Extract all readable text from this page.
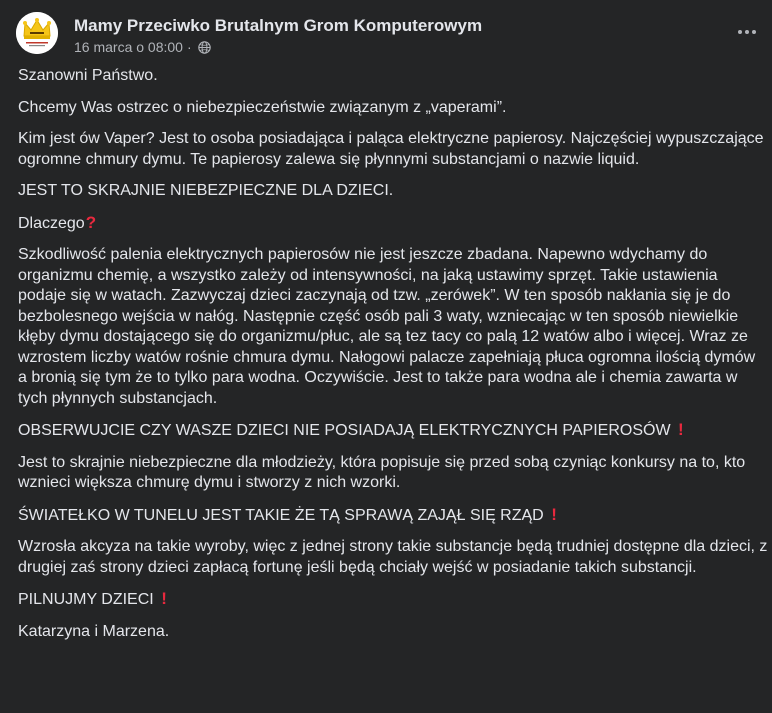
Mamy Przeciwko Brutalnym Grom Komputerowym
16 marca o 08:00 ·

Szanowni Państwo.

Chcemy Was ostrzec o niebezpieczeństwie związanym z „vaperami”.

Kim jest ów Vaper? Jest to osoba posiadająca i paląca elektryczne papierosy. Najczęściej wypuszczające ogromne chmury dymu. Te papierosy zalewa się płynnymi substancjami o nazwie liquid.

JEST TO SKRAJNIE NIEBEZPIECZNE DLA DZIECI.

Dlaczego?

Szkodliwość palenia elektrycznych papierosów nie jest jeszcze zbadana. Napewno wdychamy do organizmu chemię, a wszystko zależy od intensywności, na jaką ustawimy sprzęt. Takie ustawienia podaje się w watach. Zazwyczaj dzieci zaczynają od tzw. „zerówek”. W ten sposób nakłania się je do bezbolesnego wejścia w nałóg. Następnie część osób pali 3 waty, wzniecając w ten sposób niewielkie kłęby dymu dostającego się do organizmu/płuc, ale są tez tacy co palą 12 watów albo i więcej. Wraz ze wzrostem liczby watów rośnie chmura dymu. Nałogowi palacze zapełniają płuca ogromna ilością dymów a bronią się tym że to tylko para wodna. Oczywiście. Jest to także para wodna ale i chemia zawarta w tych płynnych substancjach.

OBSERWUJCIE CZY WASZE DZIECI NIE POSIADAJĄ ELEKTRYCZNYCH PAPIEROSÓW !

Jest to skrajnie niebezpieczne dla młodzieży, która popisuje się przed sobą czyniąc konkursy na to, kto wznieci większa chmurę dymu i stworzy z nich wzorki.

ŚWIATEŁKO W TUNELU JEST TAKIE ŻE TĄ SPRAWĄ ZAJĄŁ SIĘ RZĄD !

Wzrosła akcyza na takie wyroby, więc z jednej strony takie substancje będą trudniej dostępne dla dzieci, z drugiej zaś strony dzieci zapłacą fortunę jeśli będą chciały wejść w posiadanie takich substancji.

PILNUJMY DZIECI !

Katarzyna i Marzena.
